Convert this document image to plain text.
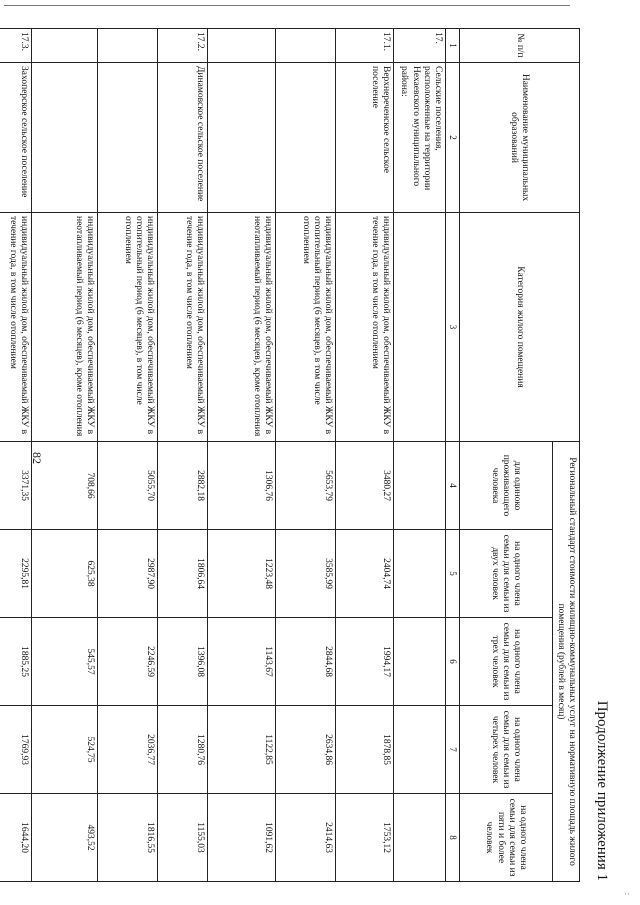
82
Продолжение приложения 1
№ п/п	Наименование муниципальных образований	Категория жилого помещения	Региональный стандарт стоимости жилищно-коммунальных услуг на нормативную площадь жилого помещения (рублей в месяц)				
			для одиноко проживающего человека	на одного члена семьи для семьи из двух человек	на одного члена семьи для семьи из трех человек	на одного члена семьи для семьи из четырех человек	на одного члена семьи для семьи из пяти и более человек
1	2	3	4	5	6	7	8
17.	Сельские поселения, расположенные на территории Нехаевского муниципального района:						
17.1.	Верхнереченское сельское поселение	индивидуальный жилой дом, обеспечиваемый ЖКУ в течение года, в том числе отоплением	3480,27	2404,74	1994,17	1878,85	1753,12
		индивидуальный жилой дом, обеспечиваемый ЖКУ в отопительный период (6 месяцев), в том числе отоплением	5653,79	3585,99	2844,68	2634,86	2414,63
		индивидуальный жилой дом, обеспечиваемый ЖКУ в неотапливаемый период (6 месяцев), кроме отопления	1306,76	1223,48	1143,67	1122,85	1091,62
17.2.	Динамовское сельское поселение	индивидуальный жилой дом, обеспечиваемый ЖКУ в течение года, в том числе отоплением	2882,18	1806,64	1396,08	1280,76	1155,03
		индивидуальный жилой дом, обеспечиваемый ЖКУ в отопительный период (6 месяцев), в том числе отоплением	5055,70	2987,90	2246,59	2036,77	1816,55
		индивидуальный жилой дом, обеспечиваемый ЖКУ в неотапливаемый период (6 месяцев), кроме отопления	708,66	625,38	545,57	524,75	493,52
17.3.	Захоперское сельское поселение	индивидуальный жилой дом, обеспечиваемый ЖКУ в течение года, в том числе отоплением	3371,35	2295,81	1885,25	1769,93	1644,20
··
